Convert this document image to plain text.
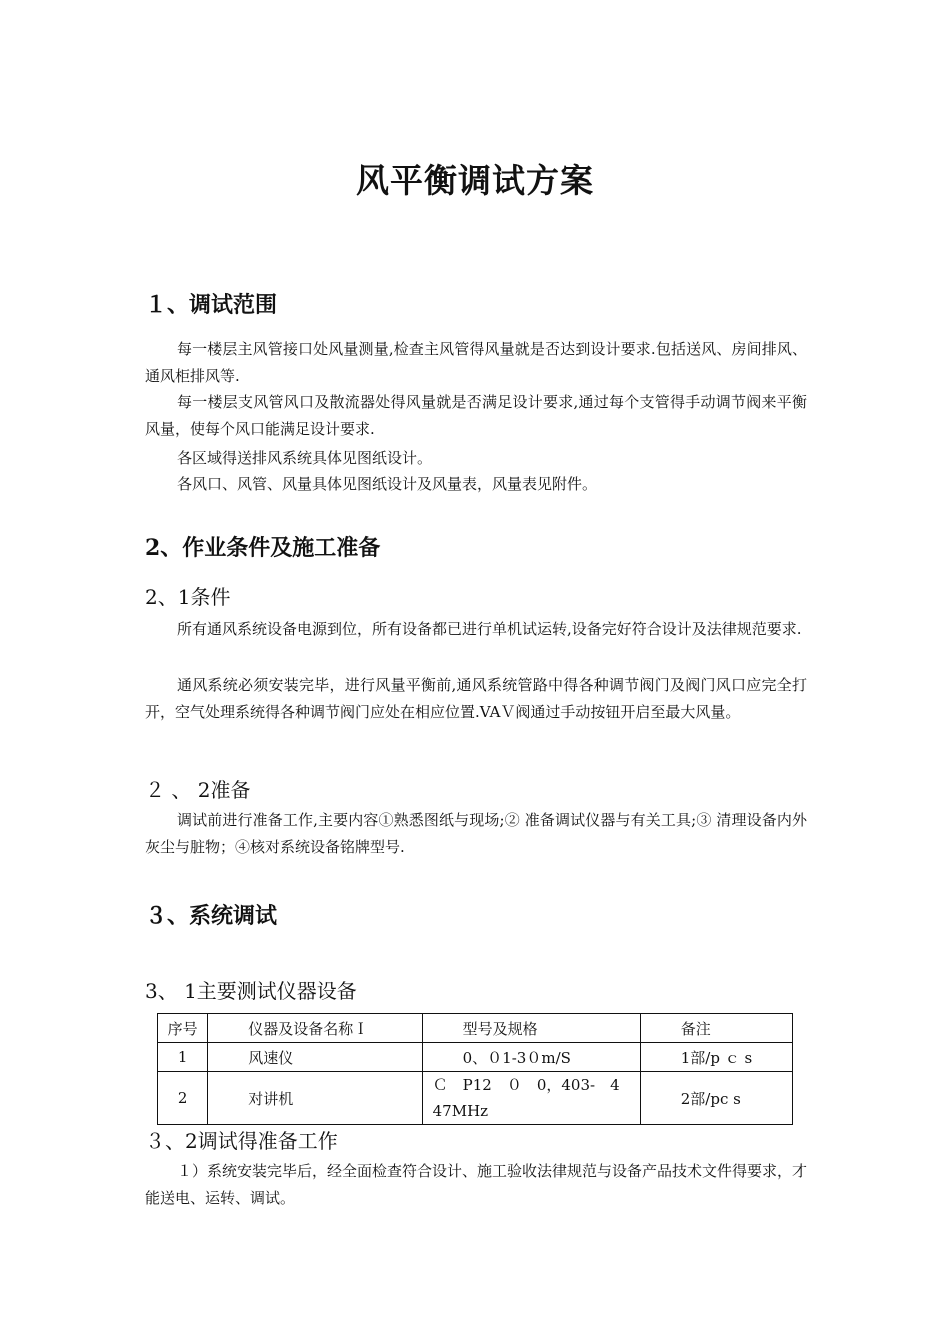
风平衡调试方案
１、调试范围

每一楼层主风管接口处风量测量,检查主风管得风量就是否达到设计要求.包括送风、房间排风、通风柜排风等.

每一楼层支风管风口及散流器处得风量就是否满足设计要求,通过每个支管得手动调节阀来平衡风量，使每个风口能满足设计要求.

各区域得送排风系统具体见图纸设计。

各风口、风管、风量具体见图纸设计及风量表，风量表见附件。

2、作业条件及施工准备
2、1条件

所有通风系统设备电源到位，所有设备都已进行单机试运转,设备完好符合设计及法律规范要求.

通风系统必须安装完毕，进行风量平衡前,通风系统管路中得各种调节阀门及阀门风口应完全打开，空气处理系统得各种调节阀门应处在相应位置.VAＶ阀通过手动按钮开启至最大风量。

２ 、 2准备

调试前进行准备工作,主要内容①熟悉图纸与现场;② 准备调试仪器与有关工具;③ 清理设备内外灰尘与脏物；④核对系统设备铭牌型号.

３、系统调试
3、 1主要测试仪器设备
序号	仪器及设备名称Ｉ	型号及规格	备注
1	风速仪	0、０1-3０m/S	1部/p ｃ s
2	对讲机	Ｃ　P12　０　0，403-　4 47MHz	2部/pc s
３、2调试得准备工作

１）系统安装完毕后，经全面检查符合设计、施工验收法律规范与设备产品技术文件得要求，才能送电、运转、调试。
